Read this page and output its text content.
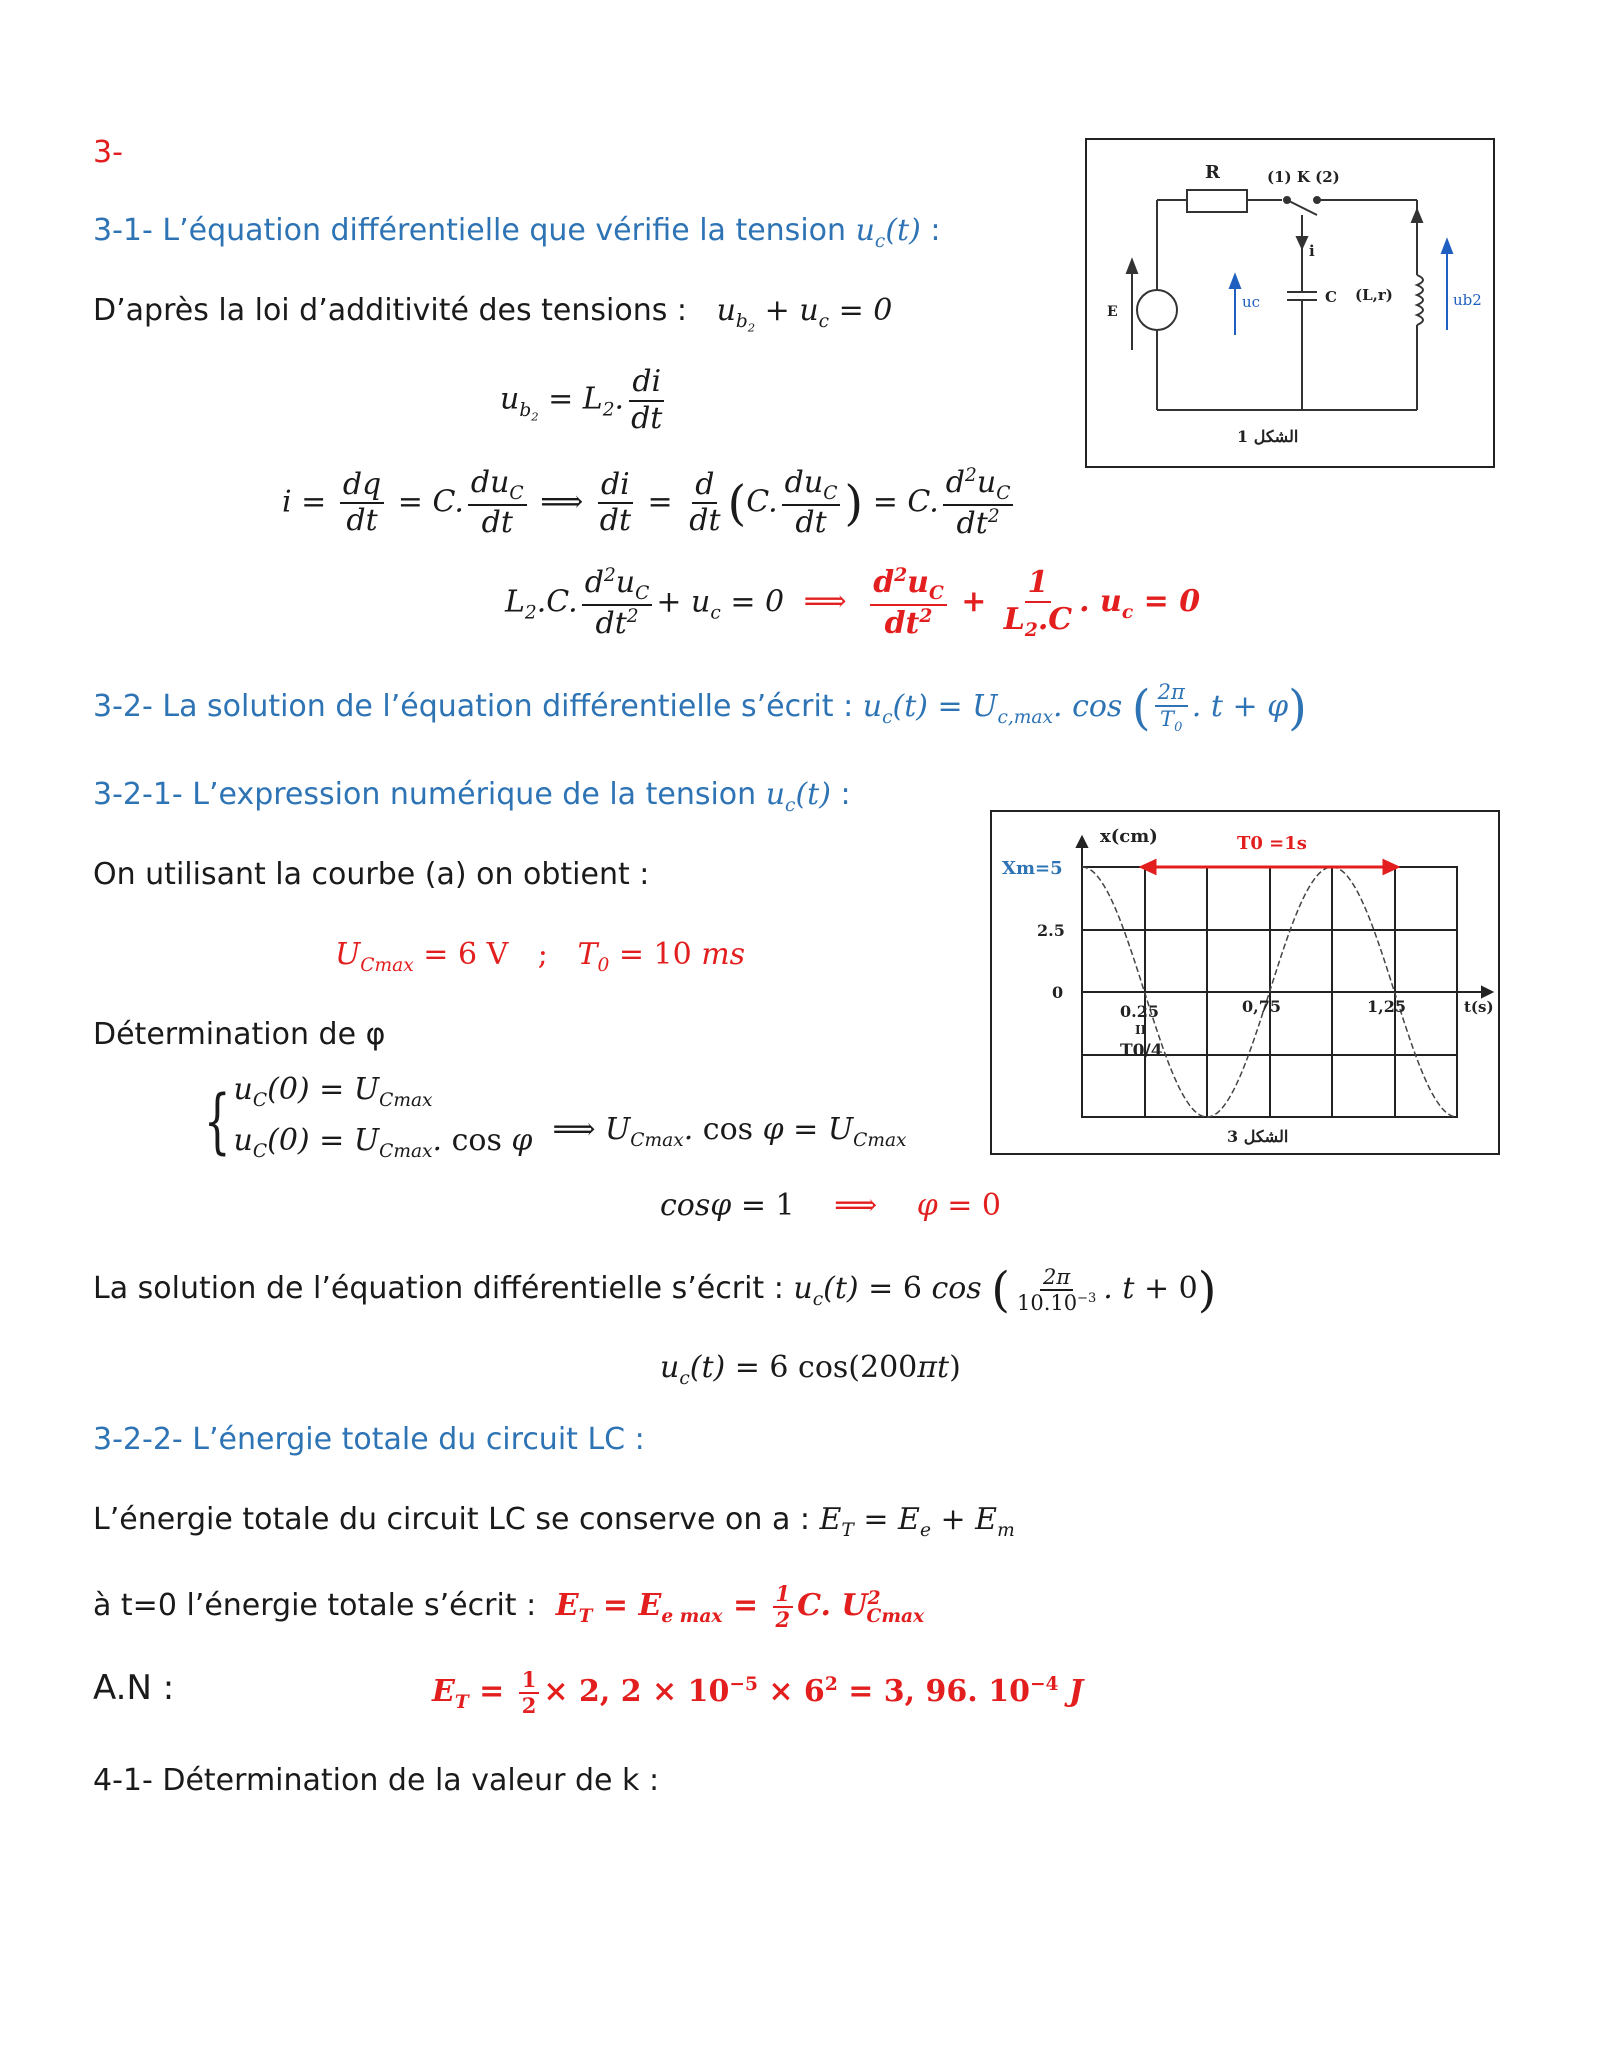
3-
3-1- L’équation différentielle que vérifie la tension $u_c(t)$ :
D’après la loi d’additivité des tensions : $u_{b_2} + u_c = 0$
$u_{b_2} = L_2$. $\frac{di}{dt}$
$i = \frac{dq}{dt} = C$. $\frac{du_C}{dt}$ ⟹ $\frac{di}{dt} = \frac{d}{dt} (C$. $\frac{du_C}{dt}$ ) = C. $\frac{d^2u_C}{dt^2}$
$L_2.C$. $\frac{d^2u_C}{dt^2} + u_c = 0$ ⟹ $\frac{d^2u_C}{dt^2} + \frac{1}{L_2.C}$ . $u_c = 0$
3-2- La solution de l’équation différentielle s’écrit : $u_c(t) = U_{c,max}$. cos ( $\frac{2\pi}{T_0}$ . t + φ)
3-2-1- L’expression numérique de la tension $u_c(t)$ :
On utilisant la courbe (a) on obtient :
$U_{Cmax} = 6$ V ; $T_0 = 10$ ms
Détermination de φ
{ $u_C(0) = U_{Cmax}$
$u_C(0) = U_{Cmax}$. cos φ ⟹ $U_{Cmax}$. $\cos \varphi = U_{Cmax}$
cosφ = 1 ⟹ φ = 0
La solution de l’équation différentielle s’écrit : $u_c(t) = 6$ cos ( $\frac{2\pi}{10.10^{-3}}$ . t + 0)
$u_c(t) = 6$ cos(200πt)
3-2-2- L’énergie totale du circuit LC :
L’énergie totale du circuit LC se conserve on a : $E_T = E_e + E_m$
à t=0 l’énergie totale s’écrit : $E_T = E_{e max} = \frac{1}{2} C$. $U^2_{Cmax}$
A.N :	$E_T = \frac{1}{2} \times 2$, $2 \times 10^{-5} \times 6^2 = 3$, 96. $10^{-4}$ J
4-1- Détermination de la valeur de k :
R	(1) K (2)
i
uc	C (L,r)	ub2
E
الشكل 1
x(cm)
t(s)
Xm=5
2.5
0
0.25
II
T0/4
0,75	1,25
T0 =1s
الشكل 3
